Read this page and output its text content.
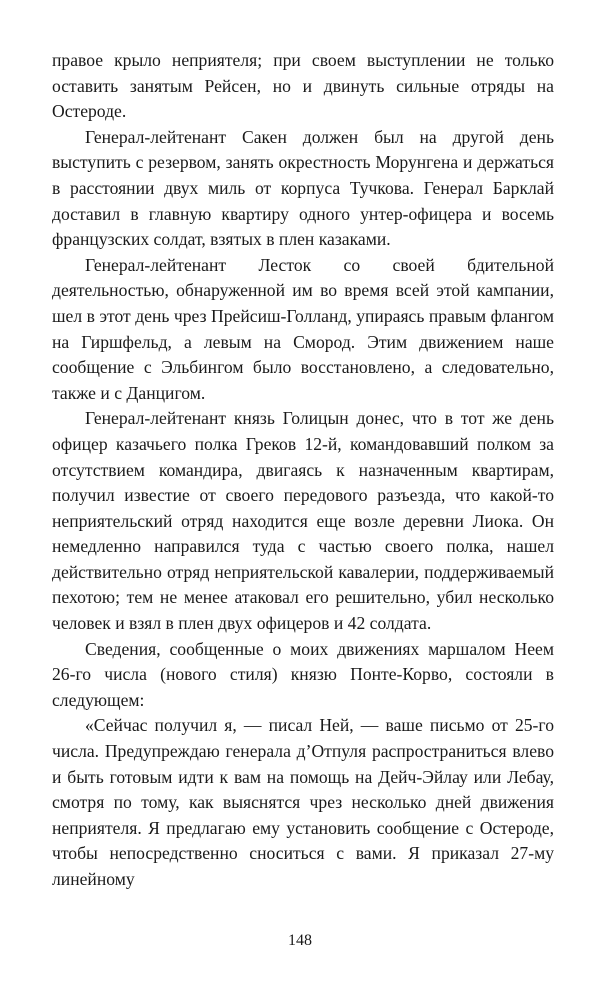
правое крыло неприятеля; при своем выступлении не только оставить занятым Рейсен, но и двинуть сильные отряды на Остероде.

Генерал-лейтенант Сакен должен был на другой день выступить с резервом, занять окрестность Морунгена и держаться в расстоянии двух миль от корпуса Тучкова. Генерал Барклай доставил в главную квартиру одного унтер-офицера и восемь французских солдат, взятых в плен казаками.

Генерал-лейтенант Лесток со своей бдительной деятельностью, обнаруженной им во время всей этой кампании, шел в этот день чрез Прейсиш-Голланд, упираясь правым флангом на Гиршфельд, а левым на Смород. Этим движением наше сообщение с Эльбингом было восстановлено, а следовательно, также и с Данцигом.

Генерал-лейтенант князь Голицын донес, что в тот же день офицер казачьего полка Греков 12-й, командовавший полком за отсутствием командира, двигаясь к назначенным квартирам, получил известие от своего передового разъезда, что какой-то неприятельский отряд находится еще возле деревни Лиока. Он немедленно направился туда с частью своего полка, нашел действительно отряд неприятельской кавалерии, поддерживаемый пехотою; тем не менее атаковал его решительно, убил несколько человек и взял в плен двух офицеров и 42 солдата.

Сведения, сообщенные о моих движениях маршалом Неем 26-го числа (нового стиля) князю Понте-Корво, состояли в следующем:

«Сейчас получил я, — писал Ней, — ваше письмо от 25-го числа. Предупреждаю генерала д’Отпуля распространиться влево и быть готовым идти к вам на помощь на Дейч-Эйлау или Лебау, смотря по тому, как выяснятся чрез несколько дней движения неприятеля. Я предлагаю ему установить сообщение с Остероде, чтобы непосредственно сноситься с вами. Я приказал 27-му линейному

148
